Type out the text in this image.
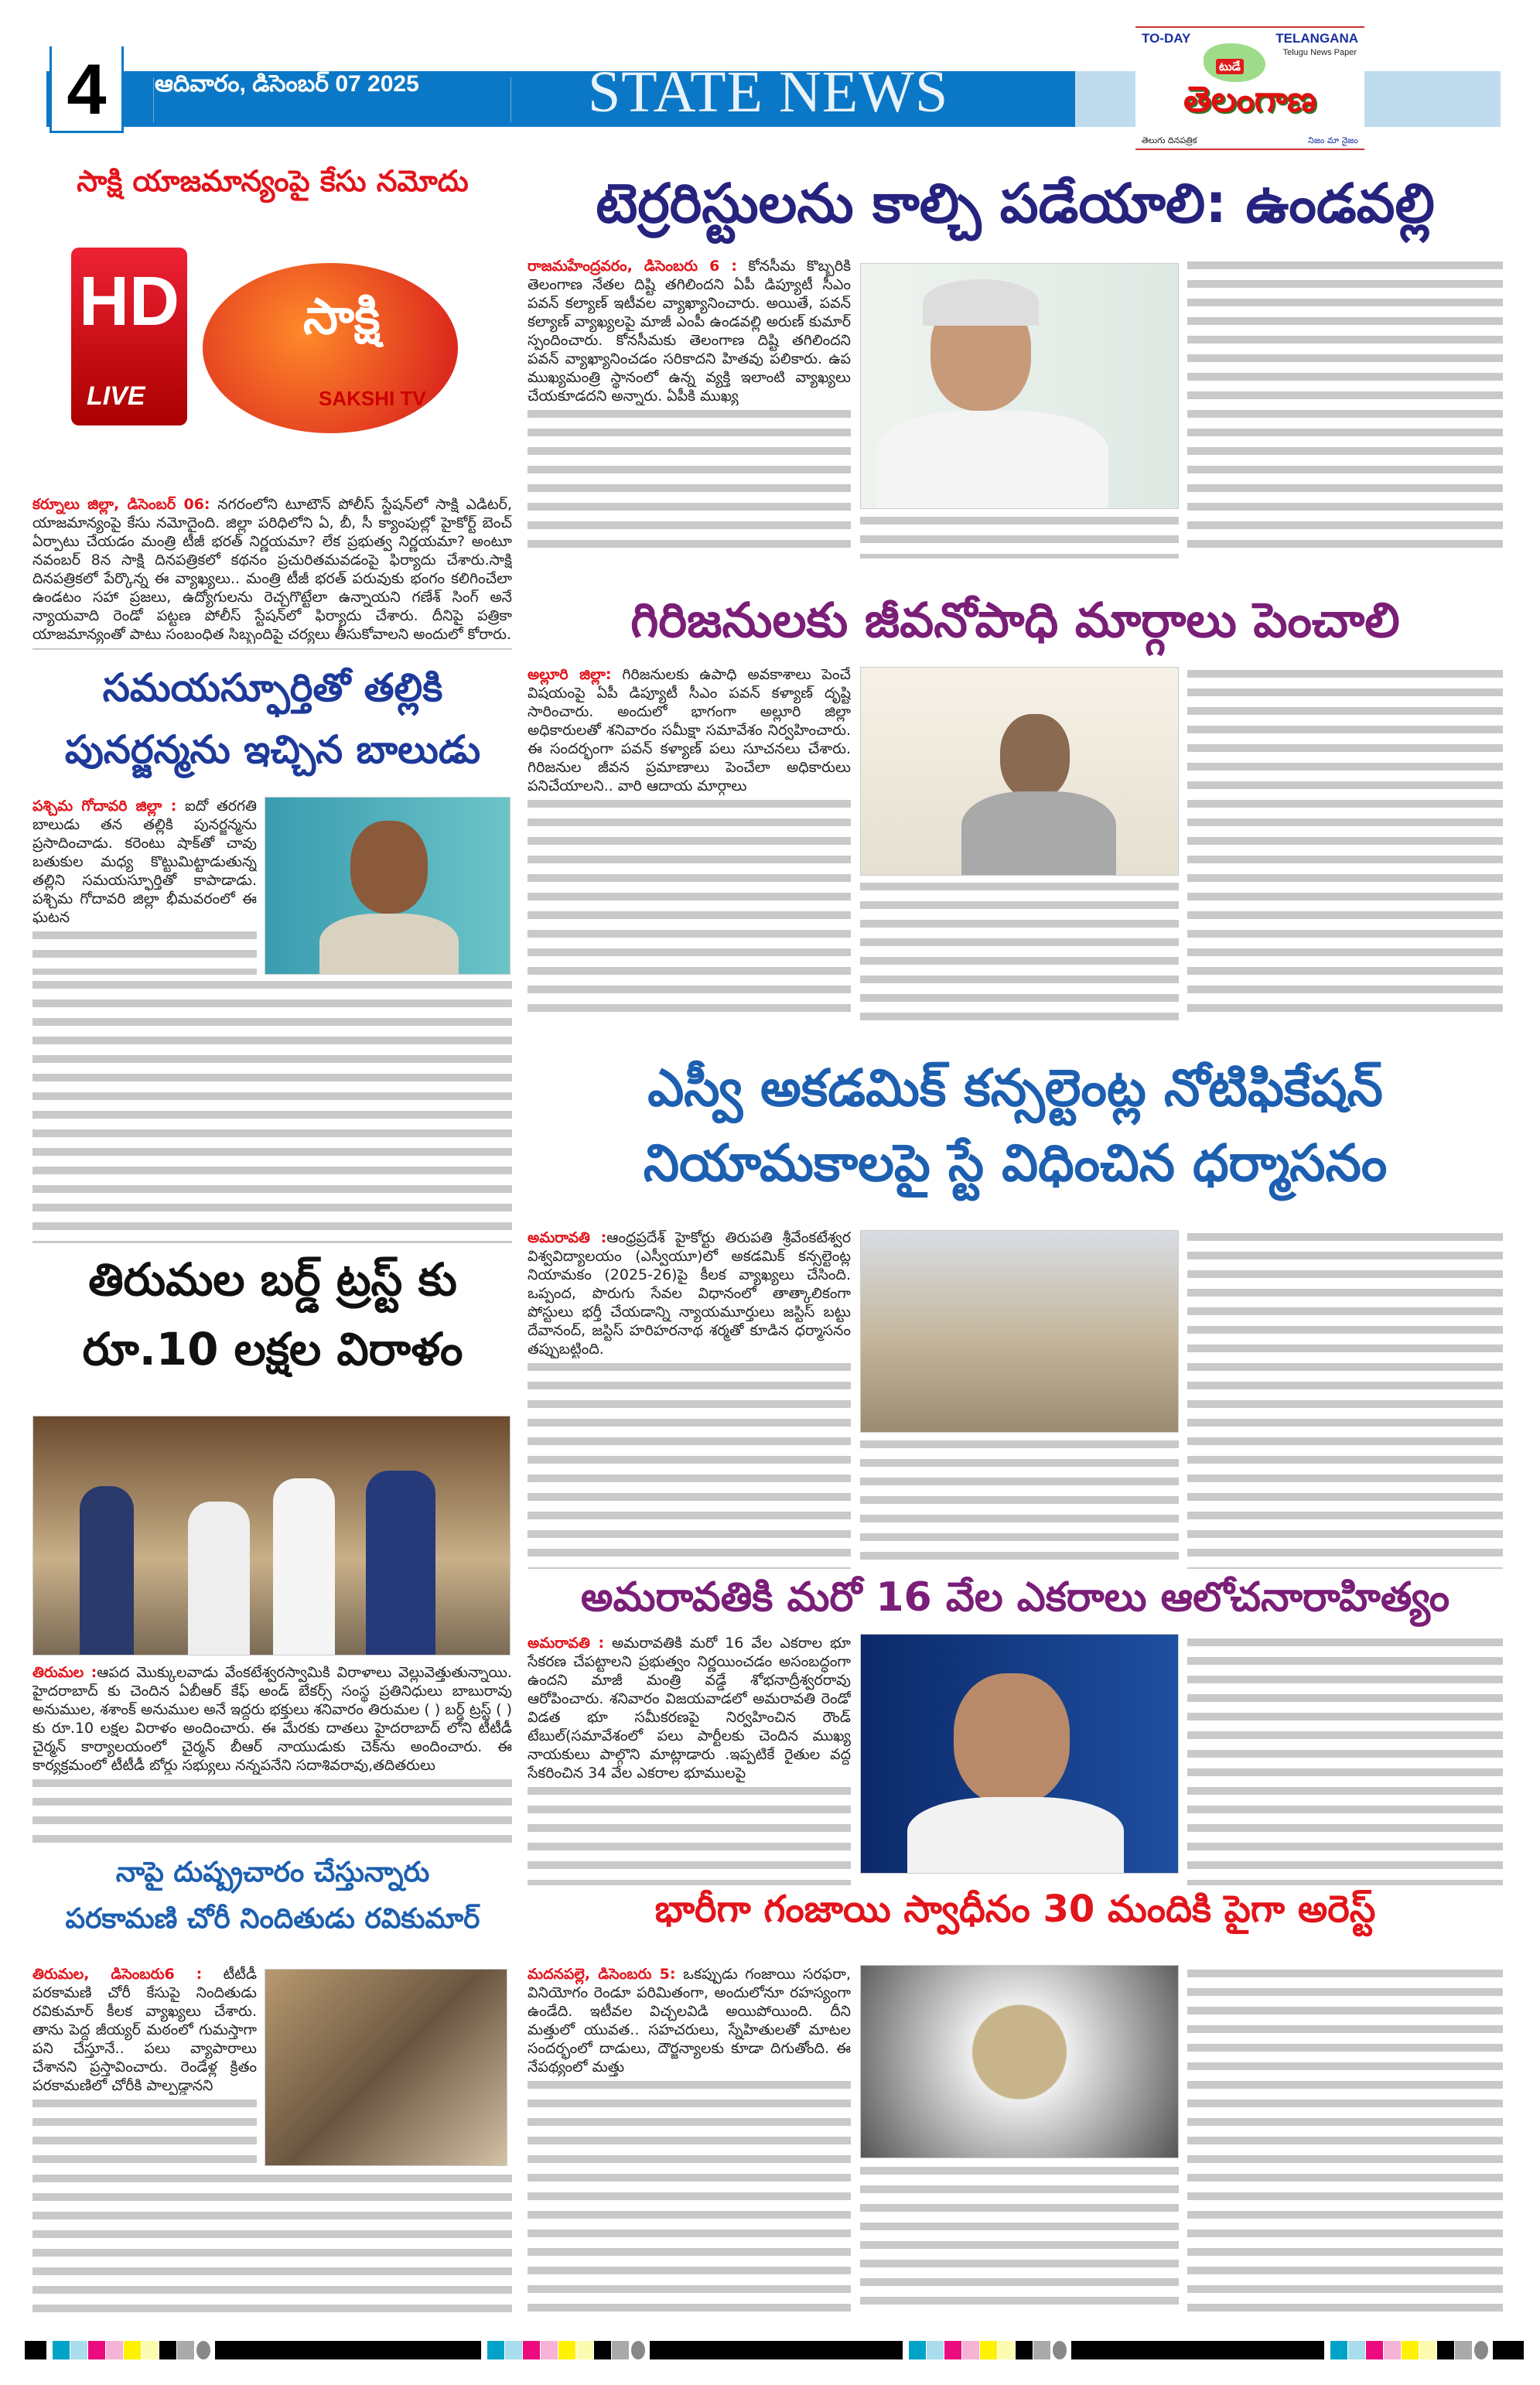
4	ఆదివారం, డిసెంబర్ 07 2025	STATE NEWS
TO-DAY	TELANGANA
Telugu News Paper
టుడే
తెలంగాణ
తెలుగు దినపత్రిక	నిజం మా నైజం
సాక్షి యాజమాన్యంపై కేసు నమోదు
HD
LIVE
సాక్షి
SAKSHI TV

కర్నూలు జిల్లా, డిసెంబర్ 06: నగరంలోని టూటౌన్ పోలీస్ స్టేషన్‌లో సాక్షి ఎడిటర్, యాజమాన్యంపై కేసు నమోదైంది. జిల్లా పరిధిలోని ఏ, బీ, సీ క్యాంపుల్లో హైకోర్ట్ బెంచ్ ఏర్పాటు చేయడం మంత్రి టీజీ భరత్ నిర్ణయమా? లేక ప్రభుత్వ నిర్ణయమా? అంటూ నవంబర్ 8న సాక్షి దినపత్రికలో కథనం ప్రచురితమవడంపై ఫిర్యాదు చేశారు.సాక్షి దినపత్రికలో పేర్కొన్న ఈ వ్యాఖ్యలు.. మంత్రి టీజీ భరత్ పరువుకు భంగం కలిగించేలా ఉండటం సహా ప్రజలు, ఉద్యోగులను రెచ్చగొట్టేలా ఉన్నాయని గణేశ్ సింగ్ అనే న్యాయవాది రెండో పట్టణ పోలీస్ స్టేషన్‌లో ఫిర్యాదు చేశారు. దీనిపై పత్రికా యాజమాన్యంతో పాటు సంబంధిత సిబ్బందిపై చర్యలు తీసుకోవాలని అందులో కోరారు.

సమయస్ఫూర్తితో తల్లికి
పునర్జన్మను ఇచ్చిన బాలుడు

పశ్చిమ గోదావరి జిల్లా : ఐదో తరగతి బాలుడు తన తల్లికి పునర్జన్మను ప్రసాదించాడు. కరెంటు షాక్‌తో చావు బతుకుల మధ్య కొట్టుమిట్టాడుతున్న తల్లిని సమయస్ఫూర్తితో కాపాడాడు. పశ్చిమ గోదావరి జిల్లా భీమవరంలో ఈ ఘటన

తిరుమల బర్డ్ ట్రస్ట్ కు
రూ.10 లక్షల విరాళం

తిరుమల :ఆపద మొక్కులవాడు వేంకటేశ్వరస్వామికి విరాళాలు వెల్లువెత్తుతున్నాయి. హైదరాబాద్ కు చెందిన ఏబీఆర్ కేఫ్ అండ్ బేకర్స్ సంస్థ ప్రతినిధులు బాబురావు అనుముల, శశాంక్ అనుముల అనే ఇద్దరు భక్తులు శనివారం తిరుమల ( ) బర్డ్ ట్రస్ట్ ( ) కు రూ.10 లక్షల విరాళం అందించారు. ఈ మేరకు దాతలు హైదరాబాద్ లోని టీటీడీ చైర్మన్ కార్యాలయంలో చైర్మన్ బీఆర్ నాయుడుకు చెక్‌ను అందించారు. ఈ కార్యక్రమంలో టీటీడీ బోర్డు సభ్యులు నన్నపనేని సదాశివరావు,తదితరులు

నాపై దుష్ప్రచారం చేస్తున్నారు
పరకామణి చోరీ నిందితుడు రవికుమార్

తిరుమల, డిసెంబరు6 : టీటీడీ పరకామణి చోరీ కేసుపై నిందితుడు రవికుమార్ కీలక వ్యాఖ్యలు చేశారు. తాను పెద్ద జీయ్యర్ మఠంలో గుమస్తాగా పని చేస్తూనే.. పలు వ్యాపారాలు చేశానని ప్రస్తావించారు. రెండేళ్ల క్రితం పరకామణిలో చోరీకి పాల్పడ్డానని

టెర్రరిస్టులను కాల్చి పడేయాలి: ఉండవల్లి

రాజమహేంద్రవరం, డిసెంబరు 6 : కోనసీమ కొబ్బరికి తెలంగాణ నేతల దిష్టి తగిలిందని ఏపీ డిప్యూటీ సీఎం పవన్ కల్యాణ్ ఇటీవల వ్యాఖ్యానించారు. అయితే, పవన్ కల్యాణ్ వ్యాఖ్యలపై మాజీ ఎంపీ ఉండవల్లి అరుణ్ కుమార్ స్పందించారు. కోనసీమకు తెలంగాణ దిష్టి తగిలిందని పవన్ వ్యాఖ్యానించడం సరికాదని హితవు పలికారు. ఉప ముఖ్యమంత్రి స్థానంలో ఉన్న వ్యక్తి ఇలాంటి వ్యాఖ్యలు చేయకూడదని అన్నారు. ఏపీకి ముఖ్య

గిరిజనులకు జీవనోపాధి మార్గాలు పెంచాలి

అల్లూరి జిల్లా: గిరిజనులకు ఉపాధి అవకాశాలు పెంచే విషయంపై ఏపీ డిప్యూటీ సీఎం పవన్ కళ్యాణ్ దృష్టి సారించారు. అందులో భాగంగా అల్లూరి జిల్లా అధికారులతో శనివారం సమీక్షా సమావేశం నిర్వహించారు. ఈ సందర్భంగా పవన్ కళ్యాణ్ పలు సూచనలు చేశారు. గిరిజనుల జీవన ప్రమాణాలు పెంచేలా అధికారులు పనిచేయాలని.. వారి ఆదాయ మార్గాలు

ఎస్వీ అకడమిక్ కన్సల్టెంట్ల నోటిఫికేషన్
నియామకాలపై స్టే విధించిన ధర్మాసనం

అమరావతి :ఆంధ్రప్రదేశ్ హైకోర్టు తిరుపతి శ్రీవేంకటేశ్వర విశ్వవిద్యాలయం (ఎస్వీయూ)లో అకడమిక్ కన్సల్టెంట్ల నియామకం (2025-26)పై కీలక వ్యాఖ్యలు చేసింది. ఒప్పంద, పొరుగు సేవల విధానంలో తాత్కాలికంగా పోస్టులు భర్తీ చేయడాన్ని న్యాయమూర్తులు జస్టిస్ బట్టు దేవానంద్, జస్టిస్ హరిహరనాథ శర్మతో కూడిన ధర్మాసనం తప్పుబట్టింది.

అమరావతికి మరో 16 వేల ఎకరాలు ఆలోచనారాహిత్యం

అమరావతి : అమరావతికి మరో 16 వేల ఎకరాల భూ సేకరణ చేపట్టాలని ప్రభుత్వం నిర్ణయించడం అసంబద్ధంగా ఉందని మాజీ మంత్రి వడ్డే శోభనాద్రీశ్వరరావు ఆరోపించారు. శనివారం విజయవాడలో అమరావతి రెండో విడత భూ సమీకరణపై నిర్వహించిన రౌండ్ టేబుల్(సమావేశంలో పలు పార్టీలకు చెందిన ముఖ్య నాయకులు పాల్గొని మాట్లాడారు .ఇప్పటికే రైతుల వద్ద సేకరించిన 34 వేల ఎకరాల భూములపై

భారీగా గంజాయి స్వాధీనం 30 మందికి పైగా అరెస్ట్

మదనపల్లె, డిసెంబరు 5: ఒకప్పుడు గంజాయి సరఫరా, వినియోగం రెండూ పరిమితంగా, అందులోనూ రహస్యంగా ఉండేది. ఇటీవల విచ్చలవిడి అయిపోయింది. దీని మత్తులో యువత.. సహచరులు, స్నేహితులతో మాటల సందర్భంలో దాడులు, దౌర్జన్యాలకు కూడా దిగుతోంది. ఈ నేపథ్యంలో మత్తు
